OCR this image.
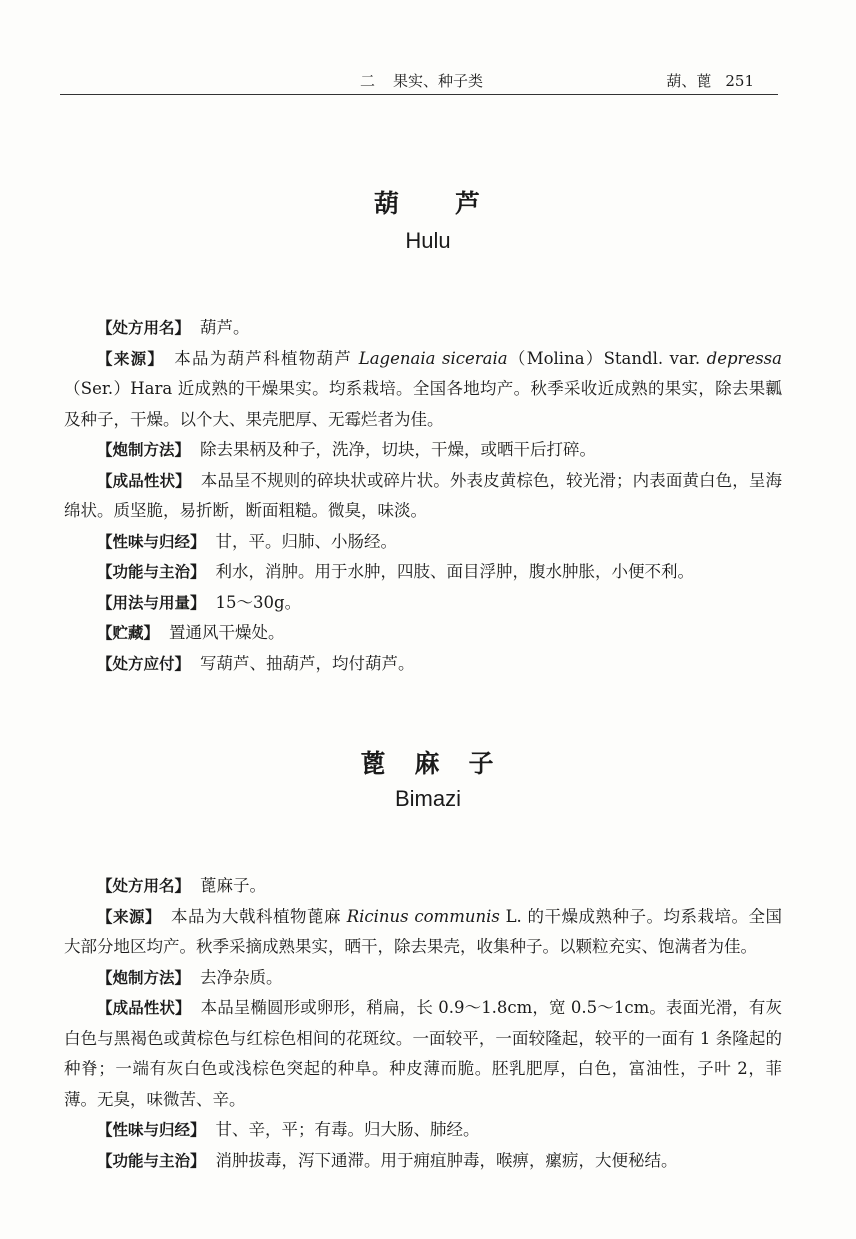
二 果实、种子类	葫、蓖 251
葫　　芦
Hulu

【 处方用名 】 葫芦。

【 来源 】 本品为葫芦科植物葫芦 Lagenaia siceraia（Molina）Standl. var. depressa（Ser.）Hara 近成熟的干燥果实。均系栽培。全国各地均产。秋季采收近成熟的果实，除去果瓤及种子，干燥。以个大、果壳肥厚、无霉烂者为佳。

【 炮制方法 】 除去果柄及种子，洗净，切块，干燥，或晒干后打碎。

【 成品性状 】 本品呈不规则的碎块状或碎片状。外表皮黄棕色，较光滑；内表面黄白色，呈海绵状。质坚脆，易折断，断面粗糙。微臭，味淡。

【 性味与归经 】 甘，平。归肺、小肠经。

【 功能与主治 】 利水，消肿。用于水肿，四肢、面目浮肿，腹水肿胀，小便不利。

【 用法与用量 】 15～30g。

【 贮藏 】 置通风干燥处。

【 处方应付 】 写葫芦、抽葫芦，均付葫芦。

蓖　麻　子
Bimazi

【 处方用名 】 蓖麻子。

【 来源 】 本品为大戟科植物蓖麻 Ricinus communis L. 的干燥成熟种子。均系栽培。全国大部分地区均产。秋季采摘成熟果实，晒干，除去果壳，收集种子。以颗粒充实、饱满者为佳。

【 炮制方法 】 去净杂质。

【 成品性状 】 本品呈椭圆形或卵形，稍扁，长 0.9～1.8cm，宽 0.5～1cm。表面光滑，有灰白色与黑褐色或黄棕色与红棕色相间的花斑纹。一面较平，一面较隆起，较平的一面有 1 条隆起的种脊；一端有灰白色或浅棕色突起的种阜。种皮薄而脆。胚乳肥厚，白色，富油性，子叶 2，菲薄。无臭，味微苦、辛。

【 性味与归经 】 甘、辛，平；有毒。归大肠、肺经。

【 功能与主治 】 消肿拔毒，泻下通滞。用于痈疽肿毒，喉痹，瘰疬，大便秘结。
